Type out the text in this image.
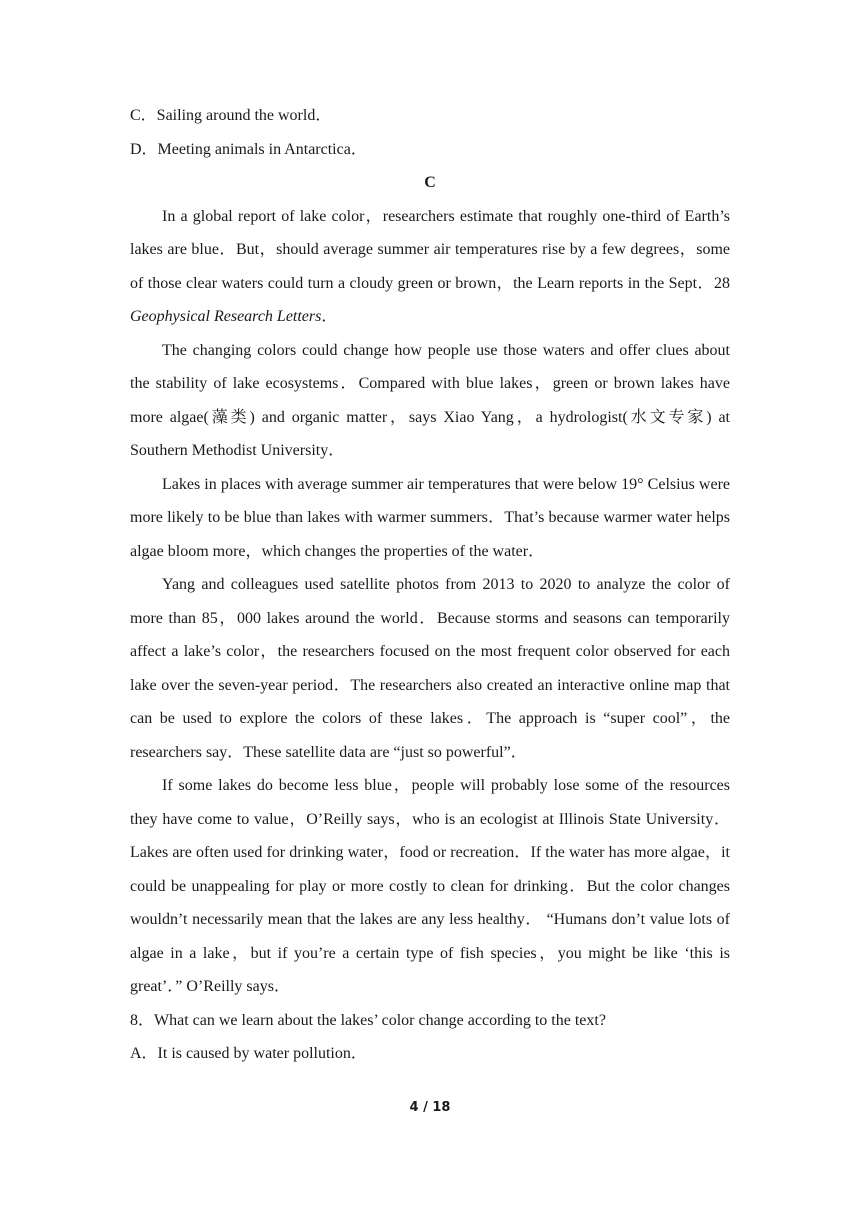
C．Sailing around the world．

D．Meeting animals in Antarctica．

C

In a global report of lake color，researchers estimate that roughly one-third of Earth’s lakes are blue．But，should average summer air temperatures rise by a few degrees，some of those clear waters could turn a cloudy green or brown，the Learn reports in the Sept．28 Geophysical Research Letters．

The changing colors could change how people use those waters and offer clues about the stability of lake ecosystems．Compared with blue lakes，green or brown lakes have more algae(藻类) and organic matter，says Xiao Yang，a hydrologist(水文专家) at Southern Methodist University．

Lakes in places with average summer air temperatures that were below 19° Celsius were more likely to be blue than lakes with warmer summers．That’s because warmer water helps algae bloom more，which changes the properties of the water．

Yang and colleagues used satellite photos from 2013 to 2020 to analyze the color of more than 85，000 lakes around the world．Because storms and seasons can temporarily affect a lake’s color，the researchers focused on the most frequent color observed for each lake over the seven-year period．The researchers also created an interactive online map that can be used to explore the colors of these lakes．The approach is “super cool”，the researchers say．These satellite data are “just so powerful”．

If some lakes do become less blue，people will probably lose some of the resources they have come to value，O’Reilly says，who is an ecologist at Illinois State University．Lakes are often used for drinking water，food or recreation．If the water has more algae，it could be unappealing for play or more costly to clean for drinking．But the color changes wouldn’t necessarily mean that the lakes are any less healthy． “Humans don’t value lots of algae in a lake，but if you’re a certain type of fish species，you might be like ‘this is great’．” O’Reilly says．

8．What can we learn about the lakes’ color change according to the text?

A．It is caused by water pollution．

4 / 18
